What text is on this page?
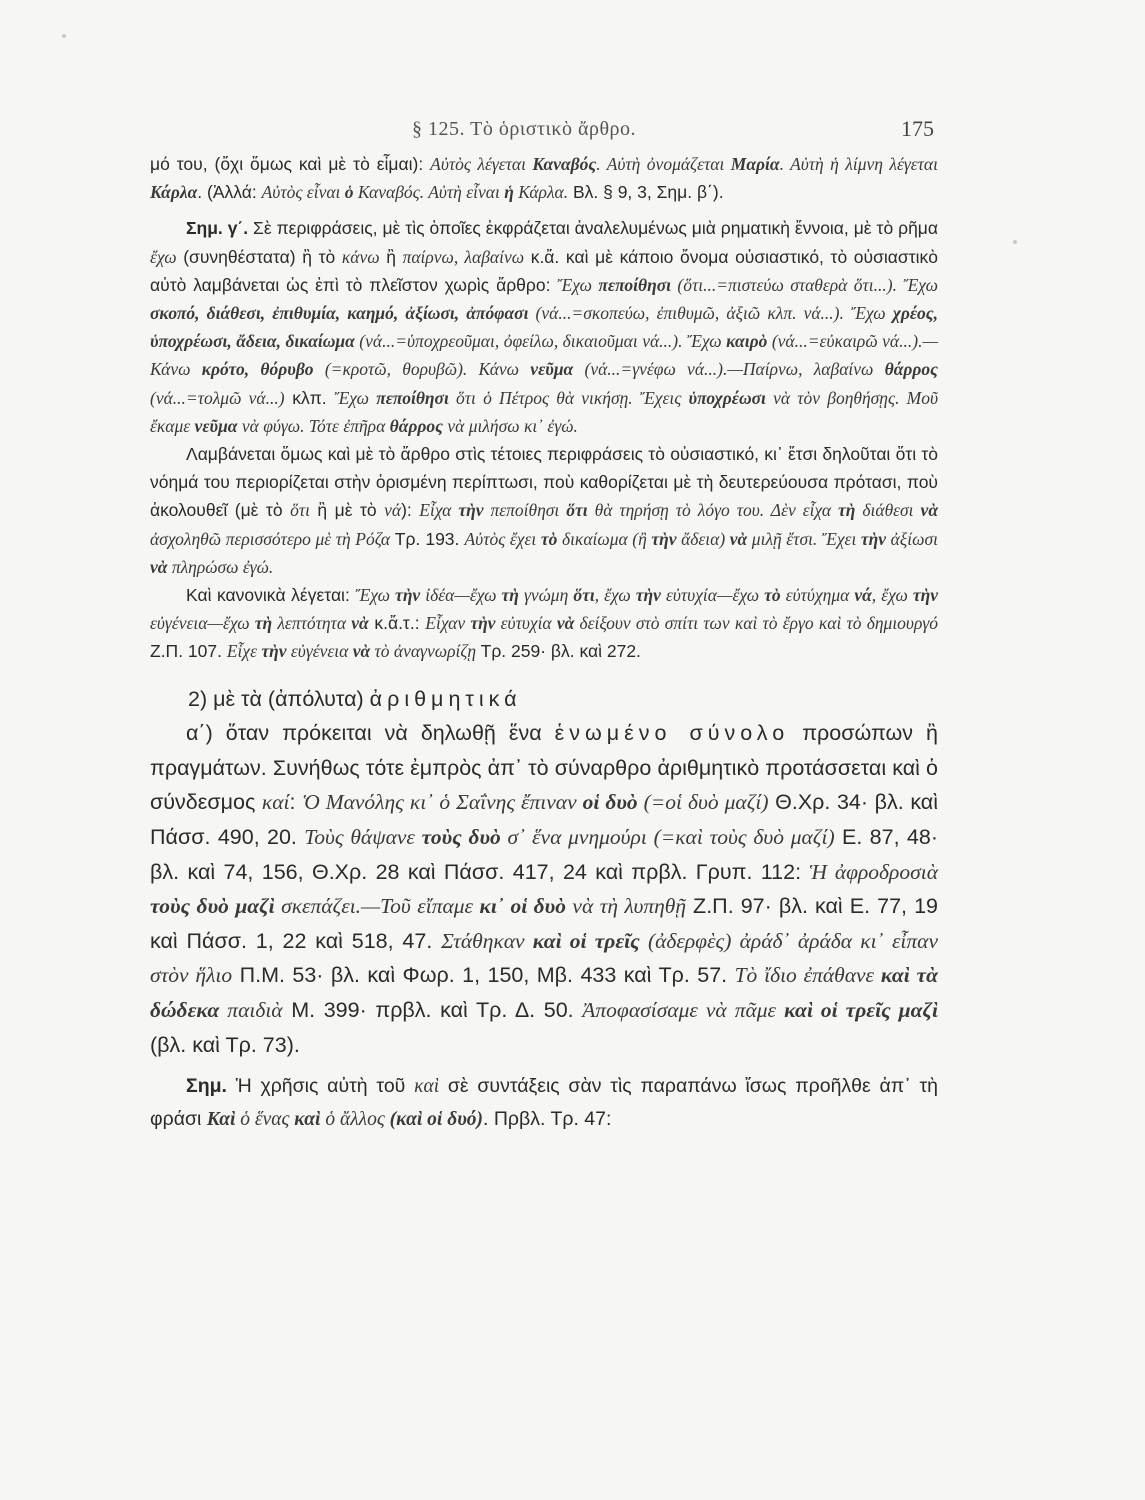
§ 125. Τὸ ὁριστικὸ ἄρθρο.	175

μό του, (ὄχι ὅμως καὶ μὲ τὸ εἶμαι): Αὐτὸς λέγεται Καναβός. Αὐτὴ ὀνομάζεται Μαρία. Αὐτὴ ἡ λίμνη λέγεται Κάρλα. (Ἀλλά: Αὐτὸς εἶναι ὁ Καναβός. Αὐτὴ εἶναι ἡ Κάρλα. Βλ. § 9, 3, Σημ. β΄).

Σημ. γ΄. Σὲ περιφράσεις, μὲ τὶς ὁποῖες ἐκφράζεται ἀναλελυμένως μιὰ ρηματικὴ ἔννοια, μὲ τὸ ρῆμα ἔχω (συνηθέστατα) ἢ τὸ κάνω ἢ παίρνω, λαβαίνω κ.ἄ. καὶ μὲ κάποιο ὄνομα οὐσιαστικό, τὸ οὐσιαστικὸ αὐτὸ λαμβάνεται ὡς ἐπὶ τὸ πλεῖστον χωρὶς ἄρθρο: Ἔχω πεποίθησι (ὅτι...=πιστεύω σταθερὰ ὅτι...). Ἔχω σκοπό, διάθεσι, ἐπιθυμία, καημό, ἀξίωσι, ἀπόφασι (νά...=σκοπεύω, ἐπιθυμῶ, ἀξιῶ κλπ. νά...). Ἔχω χρέος, ὑποχρέωσι, ἄδεια, δικαίωμα (νά...=ὑποχρεοῦμαι, ὀφείλω, δικαιοῦμαι νά...). Ἔχω καιρὸ (νά...=εὐκαιρῶ νά...).—Κάνω κρότο, θόρυβο (=κροτῶ, θορυβῶ). Κάνω νεῦμα (νά...=γνέφω νά...).—Παίρνω, λαβαίνω θάρρος (νά...=τολμῶ νά...) κλπ. Ἔχω πεποίθησι ὅτι ὁ Πέτρος θὰ νικήσῃ. Ἔχεις ὑποχρέωσι νὰ τὸν βοηθήσῃς. Μοῦ ἔκαμε νεῦμα νὰ φύγω. Τότε ἐπῆρα θάρρος νὰ μιλήσω κι᾿ ἐγώ.

Λαμβάνεται ὅμως καὶ μὲ τὸ ἄρθρο στὶς τέτοιες περιφράσεις τὸ οὐσιαστικό, κι᾿ ἔτσι δηλοῦται ὅτι τὸ νόημά του περιορίζεται στὴν ὁρισμένη περίπτωσι, ποὺ καθορίζεται μὲ τὴ δευτερεύουσα πρότασι, ποὺ ἀκολουθεῖ (μὲ τὸ ὅτι ἢ μὲ τὸ νά): Εἶχα τὴν πεποίθησι ὅτι θὰ τηρήσῃ τὸ λόγο του. Δὲν εἶχα τὴ διάθεσι νὰ ἀσχοληθῶ περισσότερο μὲ τὴ Ρόζα Τρ. 193. Αὐτὸς ἔχει τὸ δικαίωμα (ἢ τὴν ἄδεια) νὰ μιλῇ ἔτσι. Ἔχει τὴν ἀξίωσι νὰ πληρώσω ἐγώ.

Καὶ κανονικὰ λέγεται: Ἔχω τὴν ἰδέα—ἔχω τὴ γνώμη ὅτι, ἔχω τὴν εὐτυχία—ἔχω τὸ εὐτύχημα νά, ἔχω τὴν εὐγένεια—ἔχω τὴ λεπτότητα νὰ κ.ἄ.τ.: Εἶχαν τὴν εὐτυχία νὰ δείξουν στὸ σπίτι των καὶ τὸ ἔργο καὶ τὸ δημιουργό Ζ.Π. 107. Εἶχε τὴν εὐγένεια νὰ τὸ ἀναγνωρίζῃ Τρ. 259· βλ. καὶ 272.

2) μὲ τὰ (ἀπόλυτα) ἀριθμητικά

α΄) ὅταν πρόκειται νὰ δηλωθῇ ἕνα ἑνωμένο σύνολο προσώπων ἢ πραγμάτων. Συνήθως τότε ἐμπρὸς ἀπ᾿ τὸ σύναρθρο ἀριθμητικὸ προτάσσεται καὶ ὁ σύνδεσμος καί: Ὁ Μανόλης κι᾿ ὁ Σαΐνης ἔπιναν οἱ δυὸ (=οἱ δυὸ μαζί) Θ.Χρ. 34· βλ. καὶ Πάσσ. 490, 20. Τοὺς θάψανε τοὺς δυὸ σ᾿ ἕνα μνημούρι (=καὶ τοὺς δυὸ μαζί) Ε. 87, 48· βλ. καὶ 74, 156, Θ.Χρ. 28 καὶ Πάσσ. 417, 24 καὶ πρβλ. Γρυπ. 112: Ἡ ἀφροδροσιὰ τοὺς δυὸ μαζὶ σκεπάζει.—Τοῦ εἴπαμε κι᾿ οἱ δυὸ νὰ τὴ λυπηθῇ Ζ.Π. 97· βλ. καὶ Ε. 77, 19 καὶ Πάσσ. 1, 22 καὶ 518, 47. Στάθηκαν καὶ οἱ τρεῖς (ἀδερφὲς) ἀράδ᾿ ἀράδα κι᾿ εἶπαν στὸν ἥλιο Π.Μ. 53· βλ. καὶ Φωρ. 1, 150, Μβ. 433 καὶ Τρ. 57. Τὸ ἴδιο ἐπάθανε καὶ τὰ δώδεκα παιδιὰ Μ. 399· πρβλ. καὶ Τρ. Δ. 50. Ἀποφασίσαμε νὰ πᾶμε καὶ οἱ τρεῖς μαζὶ (βλ. καὶ Τρ. 73).

Σημ. Ἡ χρῆσις αὐτὴ τοῦ καὶ σὲ συντάξεις σὰν τὶς παραπάνω ἴσως προῆλθε ἀπ᾿ τὴ φράσι Καὶ ὁ ἕνας καὶ ὁ ἄλλος (καὶ οἱ δυό). Πρβλ. Τρ. 47:
